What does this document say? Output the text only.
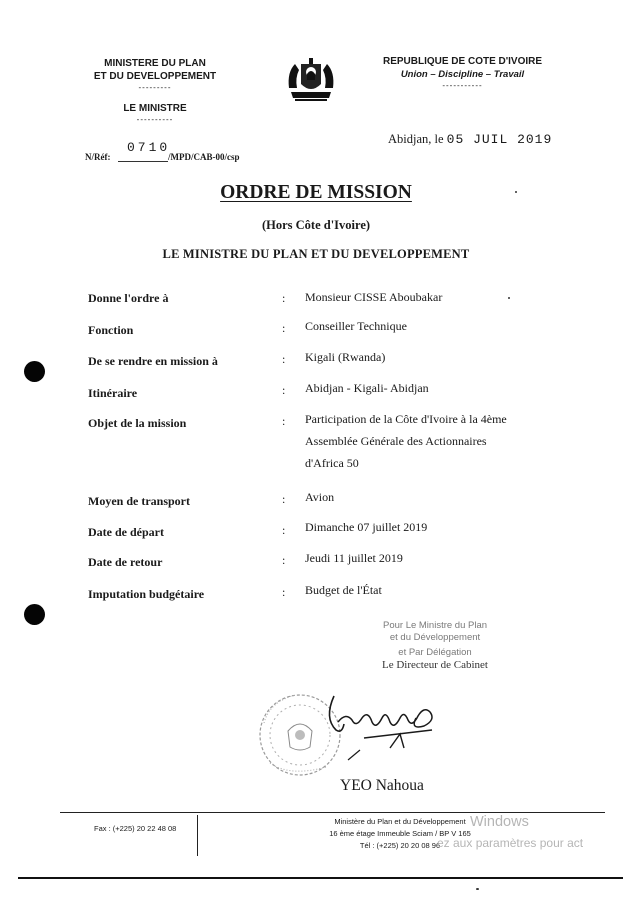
MINISTERE DU PLAN
ET DU DEVELOPPEMENT
---------
LE MINISTRE
----------
REPUBLIQUE DE COTE D'IVOIRE
Union – Discipline – Travail
-----------
Abidjan, le 05 JUIL 2019
N/Réf:
0710
/MPD/CAB-00/csp
ORDRE DE MISSION
(Hors Côte d'Ivoire)
LE MINISTRE DU PLAN ET DU DEVELOPPEMENT
Donne l'ordre à	: Monsieur CISSE Aboubakar
Fonction	: Conseiller Technique
De se rendre en mission à	: Kigali (Rwanda)
Itinéraire	: Abidjan - Kigali- Abidjan
Objet de la mission	: Participation de la Côte d'Ivoire à la 4ème
Assemblée Générale des Actionnaires
d'Africa 50
Moyen de transport	: Avion
Date de départ	: Dimanche 07 juillet 2019
Date de retour	: Jeudi 11 juillet 2019
Imputation budgétaire	: Budget de l'État
Pour Le Ministre du Plan
et du Développement
et Par Délégation
Le Directeur de Cabinet
YEO Nahoua
Fax : (+225) 20 22 48 08
Ministère du Plan et du Développement
16 ème étage Immeuble Sciam / BP V 165
Tél : (+225) 20 20 08 96
Windows
ez aux paramètres pour act
